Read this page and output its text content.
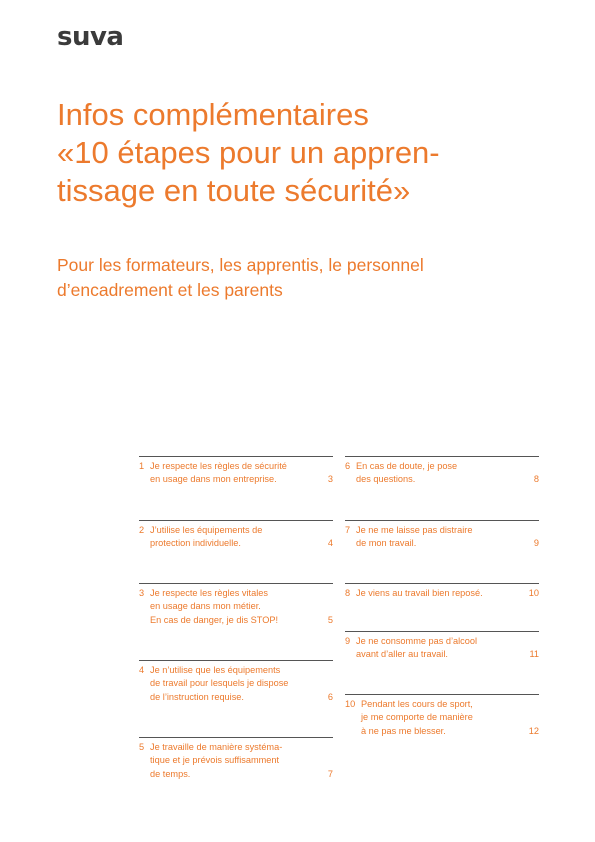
suva
Infos complémentaires
«10 étapes pour un appren-
tissage en toute sécurité»
Pour les formateurs, les apprentis, le personnel
d’encadrement et les parents
1 Je respecte les règles de sécurité
en usage dans mon entreprise.	3
2 J’utilise les équipements de
protection individuelle.	4
3 Je respecte les règles vitales
en usage dans mon métier.
En cas de danger, je dis STOP!	5
4 Je n’utilise que les équipements
de travail pour lesquels je dispose
de l’instruction requise.	6
5 Je travaille de manière systéma-
tique et je prévois suffisamment
de temps.	7
6 En cas de doute, je pose
des questions.	8
7 Je ne me laisse pas distraire
de mon travail.	9
8 Je viens au travail bien reposé.	10
9 Je ne consomme pas d’alcool
avant d’aller au travail.	11
10 Pendant les cours de sport,
je me comporte de manière
à ne pas me blesser.	12
